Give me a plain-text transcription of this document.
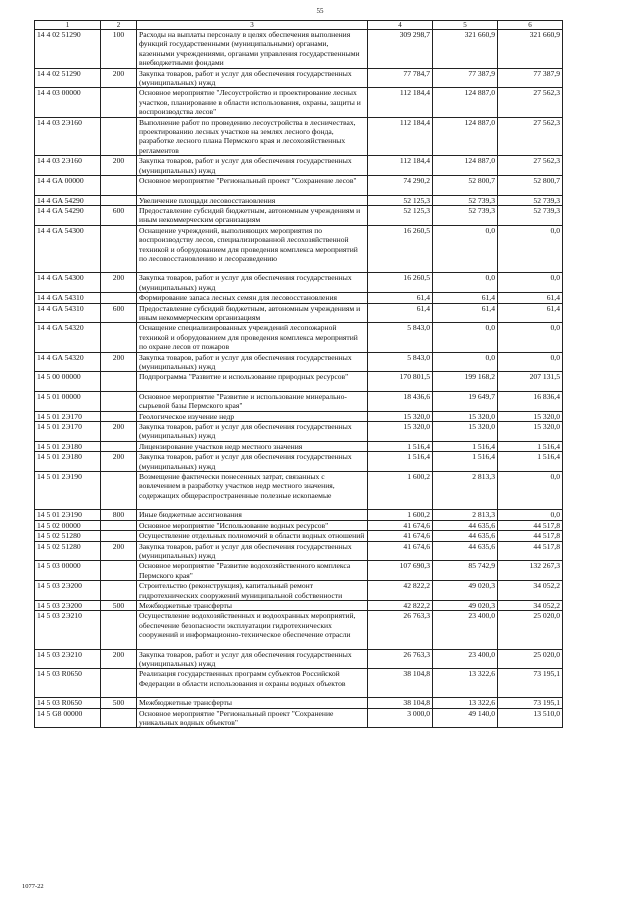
55
1	2	3	4	5	6
14 4 02 51290	100	Расходы на выплаты персоналу в целях обеспечения выполнения функций государственными (муниципальными) органами, казенными учреждениями, органами управления государственными внебюджетными фондами	309 298,7	321 660,9	321 660,9
14 4 02 51290	200	Закупка товаров, работ и услуг для обеспечения государственных (муниципальных) нужд	77 784,7	77 387,9	77 387,9
14 4 03 00000		Основное мероприятие "Лесоустройство и проектирование лесных участков, планирование в области использования, охраны, защиты и воспроизводства лесов"	112 184,4	124 887,0	27 562,3
14 4 03 2Э160		Выполнение работ по проведению лесоустройства в лесничествах, проектированию лесных участков на землях лесного фонда, разработке лесного плана Пермского края и лесохозяйственных регламентов	112 184,4	124 887,0	27 562,3
14 4 03 2Э160	200	Закупка товаров, работ и услуг для обеспечения государственных (муниципальных) нужд	112 184,4	124 887,0	27 562,3
14 4 GA 00000		Основное мероприятие "Региональный проект "Сохранение лесов"	74 290,2	52 800,7	52 800,7
14 4 GA 54290		Увеличение площади лесовосстановления	52 125,3	52 739,3	52 739,3
14 4 GA 54290	600	Предоставление субсидий бюджетным, автономным учреждениям и иным некоммерческим организациям	52 125,3	52 739,3	52 739,3
14 4 GA 54300		Оснащение учреждений, выполняющих мероприятия по воспроизводству лесов, специализированной лесохозяйственной техникой и оборудованием для проведения комплекса мероприятий по лесовосстановлению и лесоразведению	16 260,5	0,0	0,0
14 4 GA 54300	200	Закупка товаров, работ и услуг для обеспечения государственных (муниципальных) нужд	16 260,5	0,0	0,0
14 4 GA 54310		Формирование запаса лесных семян для лесовосстановления	61,4	61,4	61,4
14 4 GA 54310	600	Предоставление субсидий бюджетным, автономным учреждениям и иным некоммерческим организациям	61,4	61,4	61,4
14 4 GA 54320		Оснащение специализированных учреждений лесопожарной техникой и оборудованием для проведения комплекса мероприятий по охране лесов от пожаров	5 843,0	0,0	0,0
14 4 GA 54320	200	Закупка товаров, работ и услуг для обеспечения государственных (муниципальных) нужд	5 843,0	0,0	0,0
14 5 00 00000		Подпрограмма "Развитие и использование природных ресурсов"	170 801,5	199 168,2	207 131,5
14 5 01 00000		Основное мероприятие "Развитие и использование минерально-сырьевой базы Пермского края"	18 436,6	19 649,7	16 836,4
14 5 01 2Э170		Геологическое изучение недр	15 320,0	15 320,0	15 320,0
14 5 01 2Э170	200	Закупка товаров, работ и услуг для обеспечения государственных (муниципальных) нужд	15 320,0	15 320,0	15 320,0
14 5 01 2Э180		Лицензирование участков недр местного значения	1 516,4	1 516,4	1 516,4
14 5 01 2Э180	200	Закупка товаров, работ и услуг для обеспечения государственных (муниципальных) нужд	1 516,4	1 516,4	1 516,4
14 5 01 2Э190		Возмещение фактически понесенных затрат, связанных с вовлечением в разработку участков недр местного значения, содержащих общераспространенные полезные ископаемые	1 600,2	2 813,3	0,0
14 5 01 2Э190	800	Иные бюджетные ассигнования	1 600,2	2 813,3	0,0
14 5 02 00000		Основное мероприятие "Использование водных ресурсов"	41 674,6	44 635,6	44 517,8
14 5 02 51280		Осуществление отдельных полномочий в области водных отношений	41 674,6	44 635,6	44 517,8
14 5 02 51280	200	Закупка товаров, работ и услуг для обеспечения государственных (муниципальных) нужд	41 674,6	44 635,6	44 517,8
14 5 03 00000		Основное мероприятие "Развитие водохозяйственного комплекса Пермского края"	107 690,3	85 742,9	132 267,3
14 5 03 2Э200		Строительство (реконструкция), капитальный ремонт гидротехнических сооружений муниципальной собственности	42 822,2	49 020,3	34 052,2
14 5 03 2Э200	500	Межбюджетные трансферты	42 822,2	49 020,3	34 052,2
14 5 03 2Э210		Осуществление водохозяйственных и водоохранных мероприятий, обеспечение безопасности эксплуатации гидротехнических сооружений и информационно-техническое обеспечение отрасли	26 763,3	23 400,0	25 020,0
14 5 03 2Э210	200	Закупка товаров, работ и услуг для обеспечения государственных (муниципальных) нужд	26 763,3	23 400,0	25 020,0
14 5 03 R0650		Реализация государственных программ субъектов Российской Федерации в области использования и охраны водных объектов	38 104,8	13 322,6	73 195,1
14 5 03 R0650	500	Межбюджетные трансферты	38 104,8	13 322,6	73 195,1
14 5 G8 00000		Основное мероприятие "Региональный проект "Сохранение уникальных водных объектов"	3 000,0	49 140,0	13 510,0
1077-22
